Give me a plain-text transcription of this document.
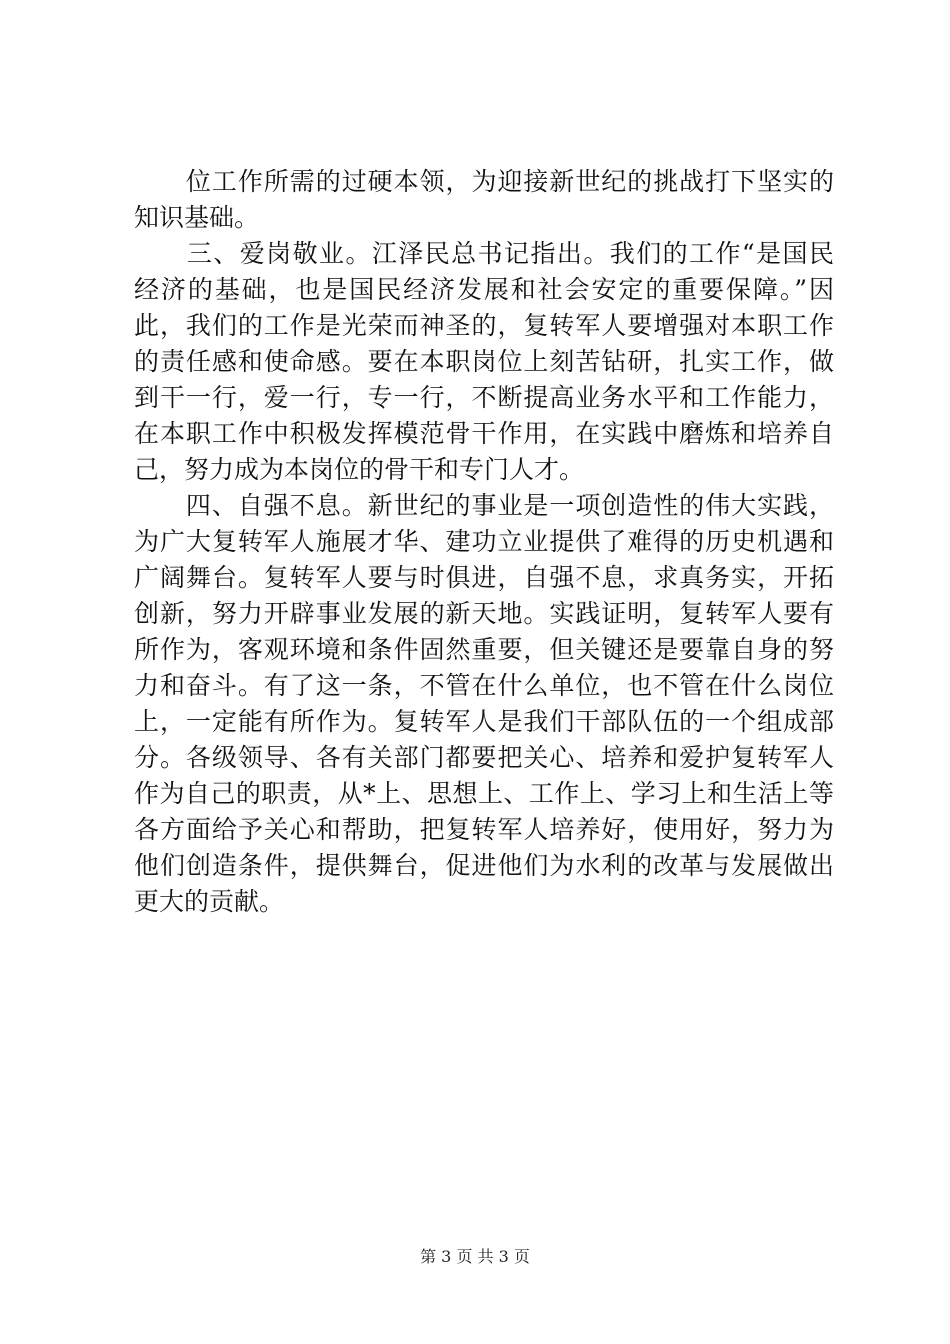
　　位工作所需的过硬本领，为迎接新世纪的挑战打下坚实的
知识基础。
　　三、爱岗敬业。江泽民总书记指出。我们的工作“是国民
经济的基础，也是国民经济发展和社会安定的重要保障。”因
此，我们的工作是光荣而神圣的，复转军人要增强对本职工作
的责任感和使命感。要在本职岗位上刻苦钻研，扎实工作，做
到干一行，爱一行，专一行，不断提高业务水平和工作能力，
在本职工作中积极发挥模范骨干作用，在实践中磨炼和培养自
己，努力成为本岗位的骨干和专门人才。
　　四、自强不息。新世纪的事业是一项创造性的伟大实践，
为广大复转军人施展才华、建功立业提供了难得的历史机遇和
广阔舞台。复转军人要与时俱进，自强不息，求真务实，开拓
创新，努力开辟事业发展的新天地。实践证明，复转军人要有
所作为，客观环境和条件固然重要，但关键还是要靠自身的努
力和奋斗。有了这一条，不管在什么单位，也不管在什么岗位
上，一定能有所作为。复转军人是我们干部队伍的一个组成部
分。各级领导、各有关部门都要把关心、培养和爱护复转军人
作为自己的职责，从*上、思想上、工作上、学习上和生活上等
各方面给予关心和帮助，把复转军人培养好，使用好，努力为
他们创造条件，提供舞台，促进他们为水利的改革与发展做出
更大的贡献。
第 3 页 共 3 页
